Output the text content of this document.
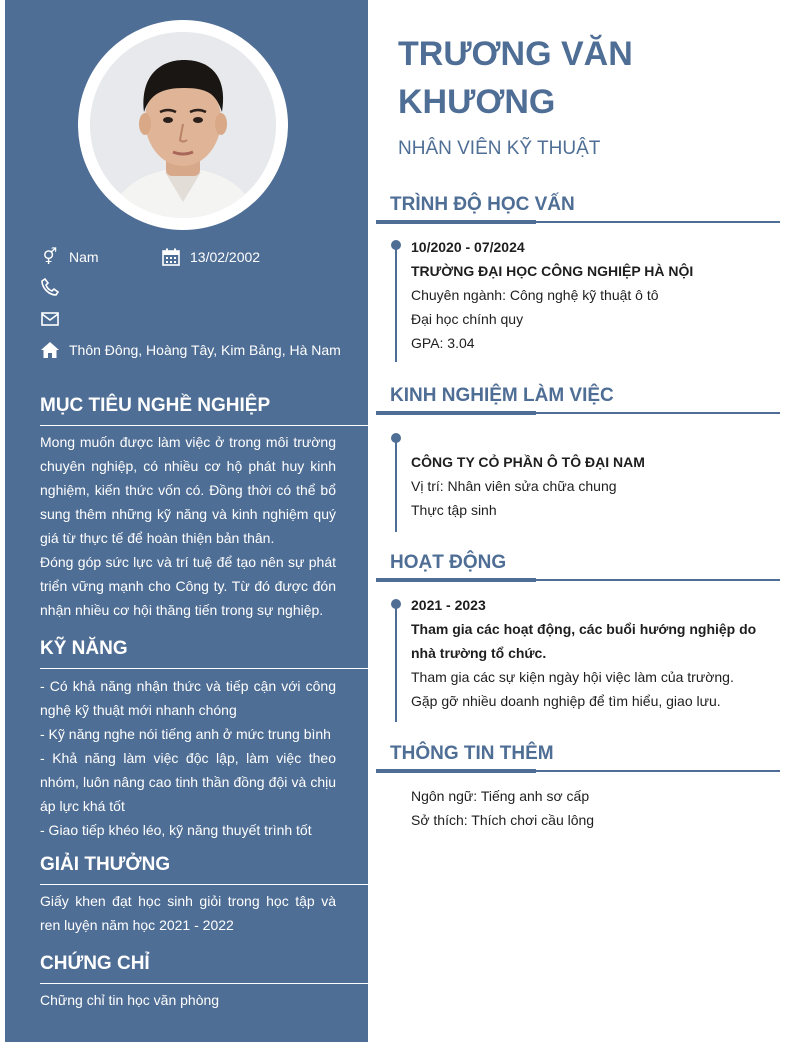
⚥ Nam	13/02/2002
Thôn Đông, Hoàng Tây, Kim Bảng, Hà Nam
MỤC TIÊU NGHỀ NGHIỆP

Mong muốn được làm việc ở trong môi trường chuyên nghiệp, có nhiều cơ hộ phát huy kinh nghiệm, kiến thức vốn có. Đồng thời có thể bổ sung thêm những kỹ năng và kinh nghiệm quý giá từ thực tế để hoàn thiện bản thân.

Đóng góp sức lực và trí tuệ để tạo nên sự phát triển vững mạnh cho Công ty. Từ đó được đón nhận nhiều cơ hội thăng tiến trong sự nghiệp.

KỸ NĂNG

- Có khả năng nhận thức và tiếp cận với công nghệ kỹ thuật mới nhanh chóng

- Kỹ năng nghe nói tiếng anh ở mức trung bình

- Khả năng làm việc độc lập, làm việc theo nhóm, luôn nâng cao tinh thần đồng đội và chịu áp lực khá tốt

- Giao tiếp khéo léo, kỹ năng thuyết trình tốt

GIẢI THƯỞNG

Giấy khen đạt học sinh giỏi trong học tập và ren luyện năm học 2021 - 2022

CHỨNG CHỈ

Chững chỉ tin học văn phòng

TRƯƠNG VĂN KHƯƠNG
NHÂN VIÊN KỸ THUẬT
TRÌNH ĐỘ HỌC VẤN
10/2020 - 07/2024
TRƯỜNG ĐẠI HỌC CÔNG NGHIỆP HÀ NỘI
Chuyên ngành: Công nghệ kỹ thuật ô tô
Đại học chính quy
GPA: 3.04
KINH NGHIỆM LÀM VIỆC
CÔNG TY CỎ PHẦN Ô TÔ ĐẠI NAM
Vị trí: Nhân viên sửa chữa chung
Thực tập sinh
HOẠT ĐỘNG
2021 - 2023
Tham gia các hoạt động, các buổi hướng nghiệp do nhà trường tổ chức.
Tham gia các sự kiện ngày hội việc làm của trường.
Gặp gỡ nhiều doanh nghiệp để tìm hiểu, giao lưu.
THÔNG TIN THÊM
Ngôn ngữ: Tiếng anh sơ cấp
Sở thích: Thích chơi cầu lông
